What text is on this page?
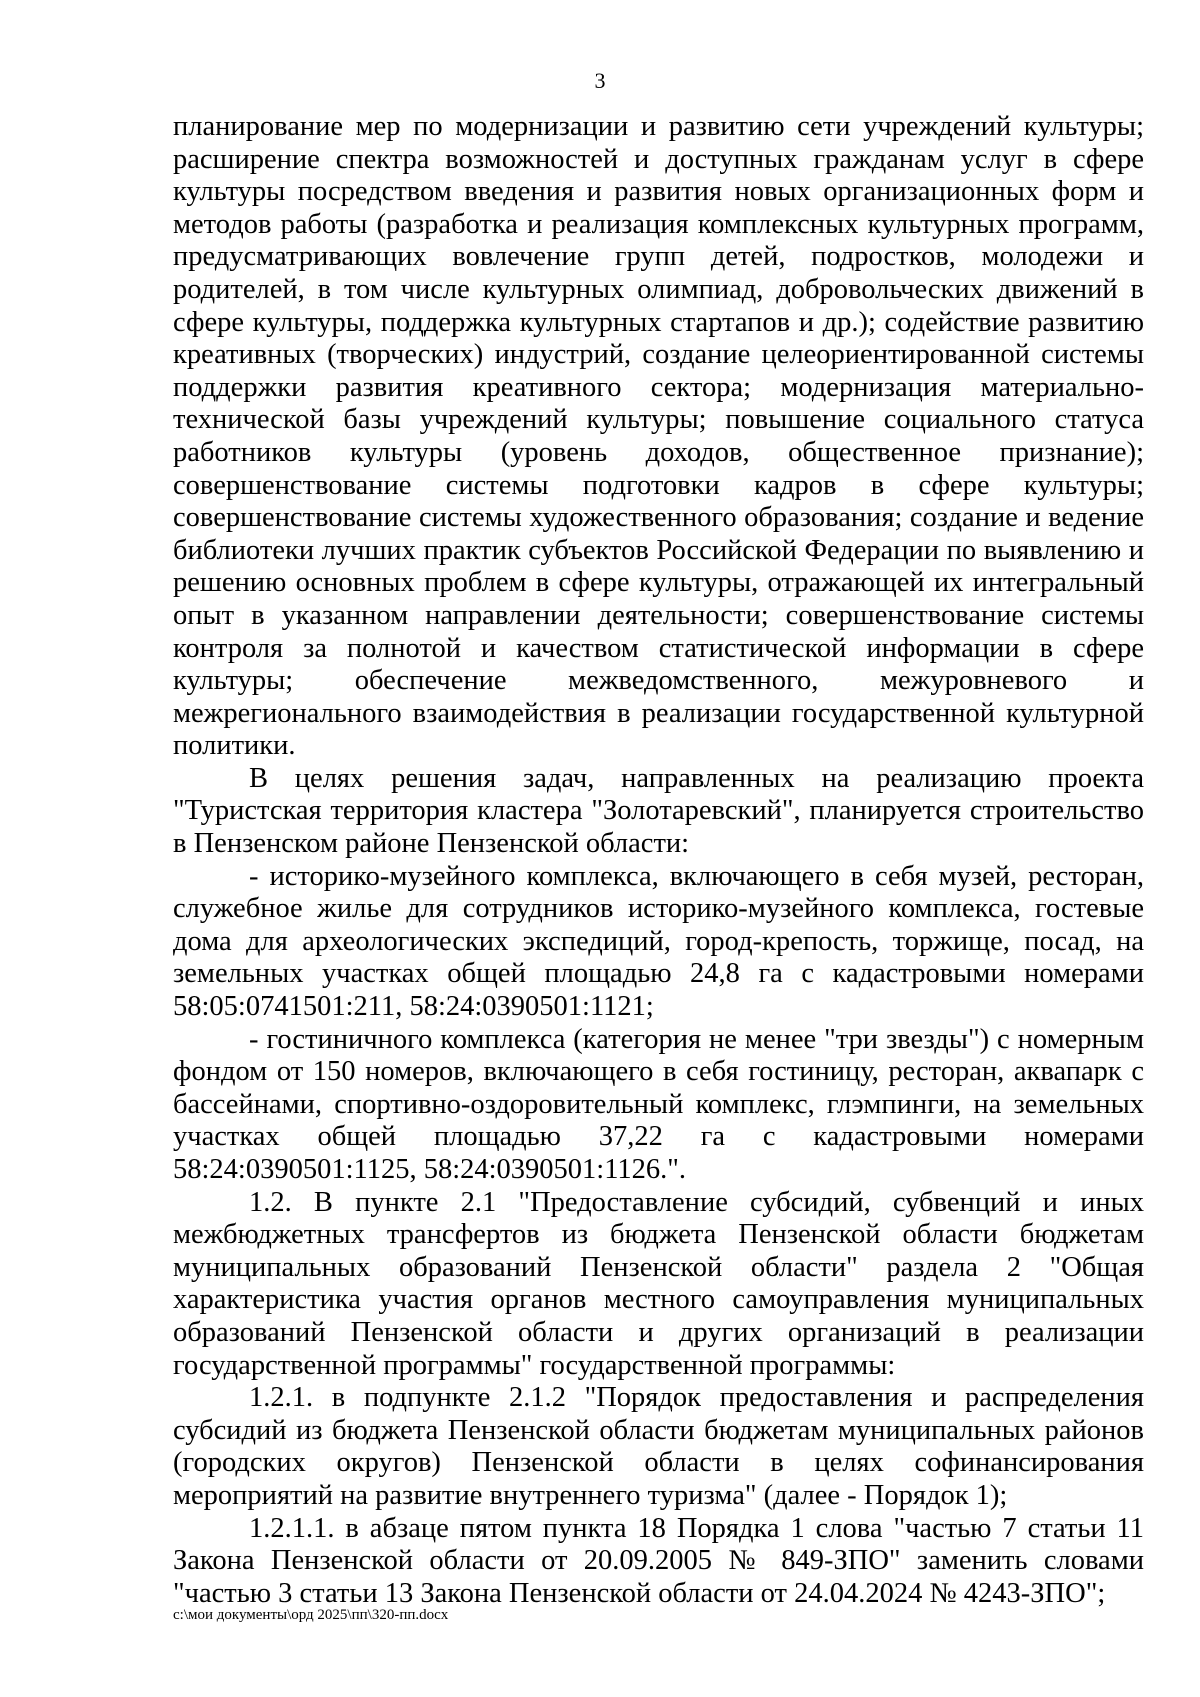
3

планирование мер по модернизации и развитию сети учреждений культуры; расширение спектра возможностей и доступных гражданам услуг в сфере культуры посредством введения и развития новых организационных форм и методов работы (разработка и реализация комплексных культурных программ, предусматривающих вовлечение групп детей, подростков, молодежи и родителей, в том числе культурных олимпиад, добровольческих движений в сфере культуры, поддержка культурных стартапов и др.); содействие развитию креативных (творческих) индустрий, создание целеориентированной системы поддержки развития креативного сектора; модернизация материально-технической базы учреждений культуры; повышение социального статуса работников культуры (уровень доходов, общественное признание); совершенствование системы подготовки кадров в сфере культуры; совершенствование системы художественного образования; создание и ведение библиотеки лучших практик субъектов Российской Федерации по выявлению и решению основных проблем в сфере культуры, отражающей их интегральный опыт в указанном направлении деятельности; совершенствование системы контроля за полнотой и качеством статистической информации в сфере культуры; обеспечение межведомственного, межуровневого и межрегионального взаимодействия в реализации государственной культурной политики.

В целях решения задач, направленных на реализацию проекта "Туристская территория кластера "Золотаревский", планируется строительство в Пензенском районе Пензенской области:

- историко-музейного комплекса, включающего в себя музей, ресторан, служебное жилье для сотрудников историко-музейного комплекса, гостевые дома для археологических экспедиций, город-крепость, торжище, посад, на земельных участках общей площадью 24,8 га с кадастровыми номерами 58:05:0741501:211, 58:24:0390501:1121;

- гостиничного комплекса (категория не менее "три звезды") с номерным фондом от 150 номеров, включающего в себя гостиницу, ресторан, аквапарк с бассейнами, спортивно-оздоровительный комплекс, глэмпинги, на земельных участках общей площадью 37,22 га с кадастровыми номерами 58:24:0390501:1125, 58:24:0390501:1126.".

1.2. В пункте 2.1 "Предоставление субсидий, субвенций и иных межбюджетных трансфертов из бюджета Пензенской области бюджетам муниципальных образований Пензенской области" раздела 2 "Общая характеристика участия органов местного самоуправления муниципальных образований Пензенской области и других организаций в реализации государственной программы" государственной программы:

1.2.1. в подпункте 2.1.2 "Порядок предоставления и распределения субсидий из бюджета Пензенской области бюджетам муниципальных районов (городских округов) Пензенской области в целях софинансирования мероприятий на развитие внутреннего туризма" (далее - Порядок 1);

1.2.1.1. в абзаце пятом пункта 18 Порядка 1 слова "частью 7 статьи 11 Закона Пензенской области от 20.09.2005 № 849-ЗПО" заменить словами "частью 3 статьи 13 Закона Пензенской области от 24.04.2024 № 4243-ЗПО";

c:\мои документы\орд 2025\пп\320-пп.docx
